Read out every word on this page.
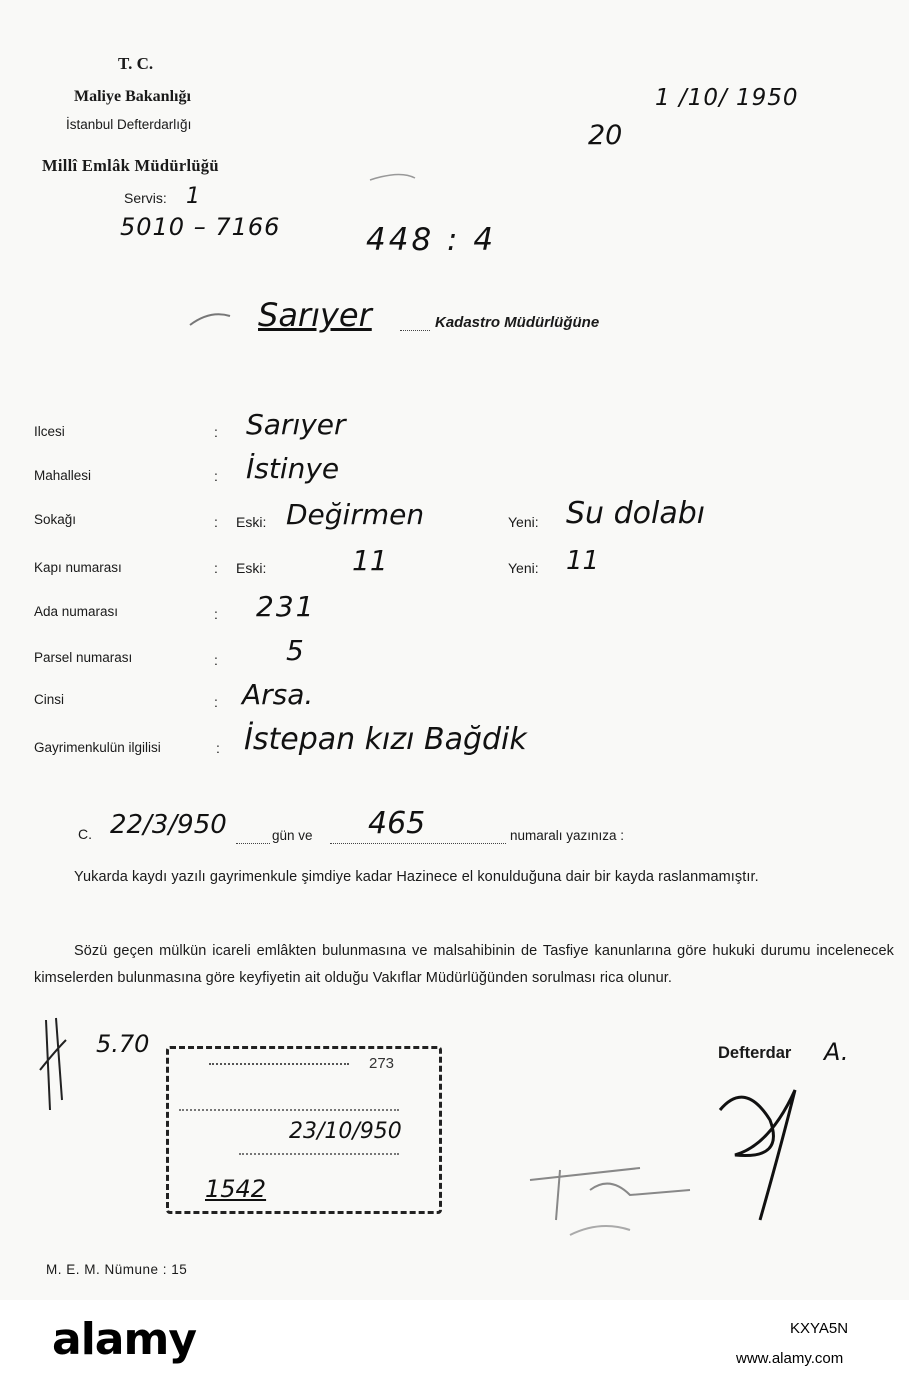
T. C.
Maliye Bakanlığı
İstanbul Defterdarlığı
Millî Emlâk Müdürlüğü
Servis: 1
5010 – 7166
1 /10/ 1950
20
448 : 4
Sarıyer	Kadastro Müdürlüğüne
Ilcesi	: Sarıyer
Mahallesi	: İstinye
Sokağı	: Eski: Değirmen	Yeni: Su dolabı
Kapı numarası	: Eski:	11	Yeni: 11
Ada numarası	: 231
Parsel numarası	: 5
Cinsi	: Arsa.
Gayrimenkulün ilgilisi	: İstepan kızı Bağdik
C. 22/3/950	gün ve 465	numaralı yazınıza :
Yukarda kaydı yazılı gayrimenkule şimdiye kadar Hazinece el konulduğuna dair bir kayda raslanmamıştır.
Sözü geçen mülkün icareli emlâkten bulunmasına ve malsahibinin de Tasfiye kanunlarına göre hukuki durumu incelenecek kimselerden bulunmasına göre keyfiyetin ait olduğu Vakıflar Müdürlüğünden sorulması rica olunur.
5.70
273
23/10/950
1542
Defterdar A.
M. E. M. Nümune : 15
alamy	KXYA5N
www.alamy.com
